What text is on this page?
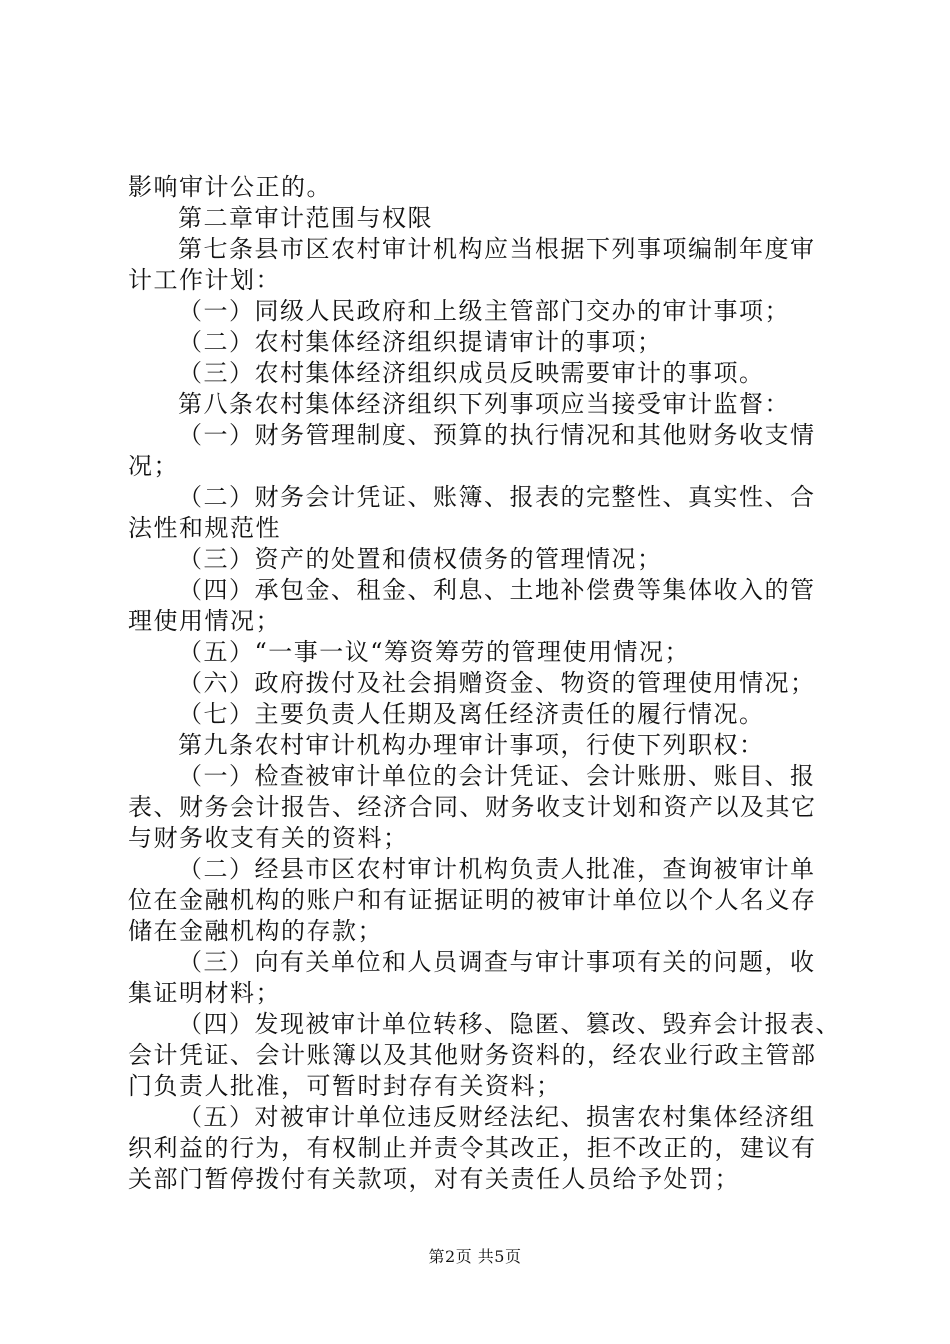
影响审计公正的。
第二章审计范围与权限
第七条县市区农村审计机构应当根据下列事项编制年度审
计工作计划：
（一）同级人民政府和上级主管部门交办的审计事项；
（二）农村集体经济组织提请审计的事项；
（三）农村集体经济组织成员反映需要审计的事项。
第八条农村集体经济组织下列事项应当接受审计监督：
（一）财务管理制度、预算的执行情况和其他财务收支情
况；
（二）财务会计凭证、账簿、报表的完整性、真实性、合
法性和规范性
（三）资产的处置和债权债务的管理情况；
（四）承包金、租金、利息、土地补偿费等集体收入的管
理使用情况；
（五）“一事一议“筹资筹劳的管理使用情况；
（六）政府拨付及社会捐赠资金、物资的管理使用情况；
（七）主要负责人任期及离任经济责任的履行情况。
第九条农村审计机构办理审计事项，行使下列职权：
（一）检查被审计单位的会计凭证、会计账册、账目、报
表、财务会计报告、经济合同、财务收支计划和资产以及其它
与财务收支有关的资料；
（二）经县市区农村审计机构负责人批准，查询被审计单
位在金融机构的账户和有证据证明的被审计单位以个人名义存
储在金融机构的存款；
（三）向有关单位和人员调查与审计事项有关的问题，收
集证明材料；
（四）发现被审计单位转移、隐匿、篡改、毁弃会计报表、
会计凭证、会计账簿以及其他财务资料的，经农业行政主管部
门负责人批准，可暂时封存有关资料；
（五）对被审计单位违反财经法纪、损害农村集体经济组
织利益的行为，有权制止并责令其改正，拒不改正的，建议有
关部门暂停拨付有关款项，对有关责任人员给予处罚；
第2页 共5页
